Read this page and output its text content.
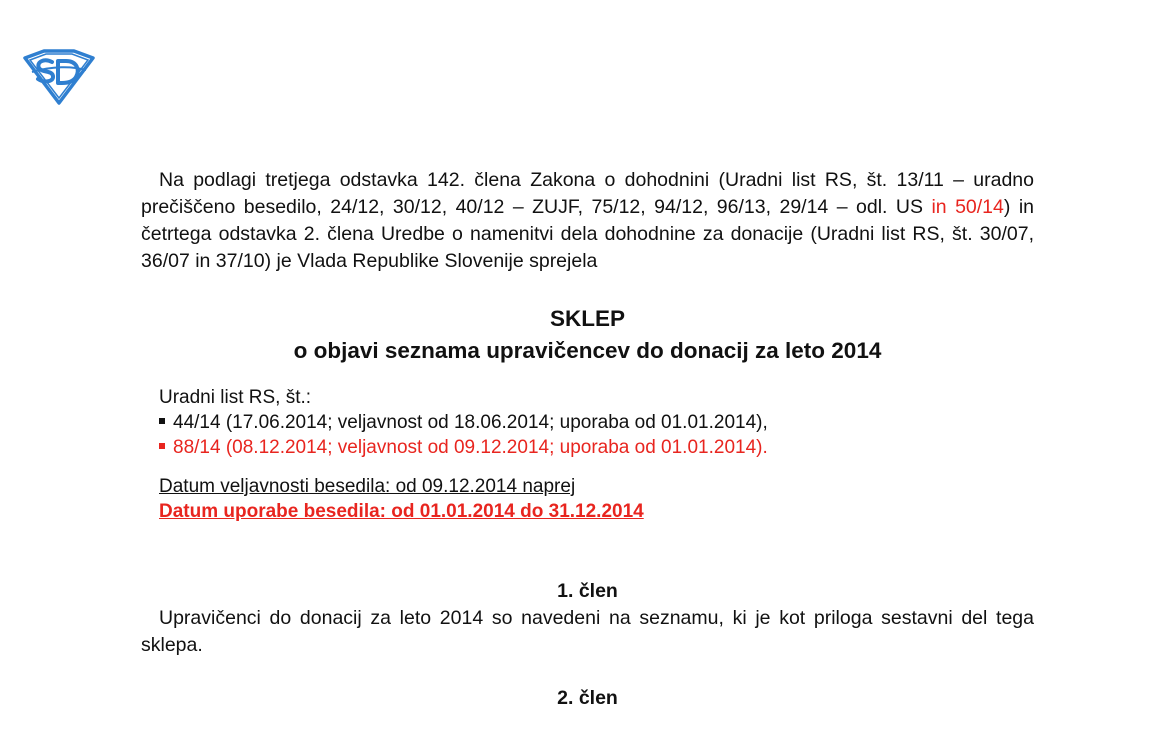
Na podlagi tretjega odstavka 142. člena Zakona o dohodnini (Uradni list RS, št. 13/11 – uradno prečiščeno besedilo, 24/12, 30/12, 40/12 – ZUJF, 75/12, 94/12, 96/13, 29/14 – odl. US in 50/14) in četrtega odstavka 2. člena Uredbe o namenitvi dela dohodnine za donacije (Uradni list RS, št. 30/07, 36/07 in 37/10) je Vlada Republike Slovenije sprejela

SKLEP
o objavi seznama upravičencev do donacij za leto 2014
Uradni list RS, št.:
44/14 (17.06.2014; veljavnost od 18.06.2014; uporaba od 01.01.2014),
88/14 (08.12.2014; veljavnost od 09.12.2014; uporaba od 01.01.2014).
Datum veljavnosti besedila: od 09.12.2014 naprej
Datum uporabe besedila: od 01.01.2014 do 31.12.2014
1. člen

Upravičenci do donacij za leto 2014 so navedeni na seznamu, ki je kot priloga sestavni del tega sklepa.

2. člen
